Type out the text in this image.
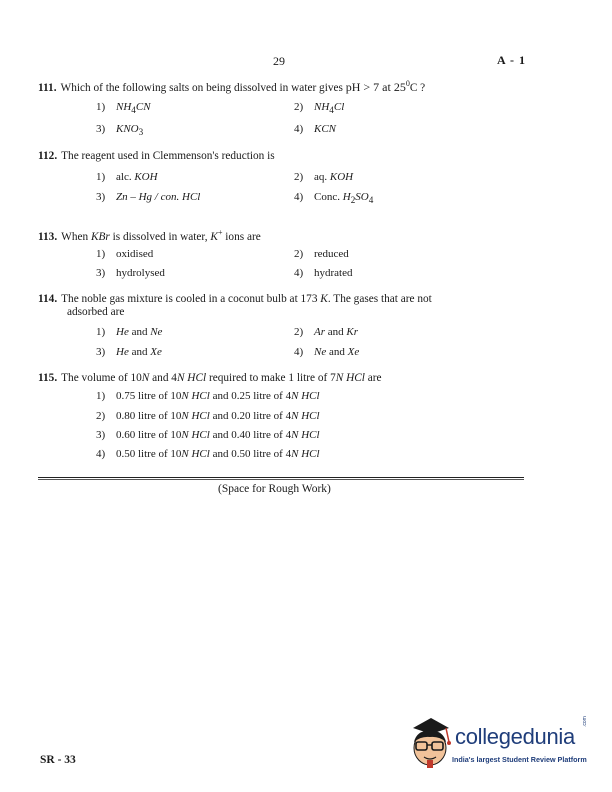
29	A - 1
111. Which of the following salts on being dissolved in water gives pH > 7 at $25^0C$ ?
1) $NH_4CN$	2) $NH_4Cl$
3) $KNO_3$	4) KCN
112. The reagent used in Clemmenson's reduction is
1) alc. KOH	2) aq. KOH
3) Zn – Hg / con. HCl	4) Conc. $H_2SO_4$
113. When KBr is dissolved in water, K+ ions are
1) oxidised	2) reduced
3) hydrolysed	4) hydrated
114. The noble gas mixture is cooled in a coconut bulb at 173 K. The gases that are not
adsorbed are
1) He and Ne	2) Ar and Kr
3) He and Xe	4) Ne and Xe
115. The volume of 10N and 4N HCl required to make 1 litre of 7N HCl are
1) 0.75 litre of 10N HCl and 0.25 litre of 4N HCl
2) 0.80 litre of 10N HCl and 0.20 litre of 4N HCl
3) 0.60 litre of 10N HCl and 0.40 litre of 4N HCl
4) 0.50 litre of 10N HCl and 0.50 litre of 4N HCl
(Space for Rough Work)
SR - 33
collegedunia
.com
India's largest Student Review Platform
